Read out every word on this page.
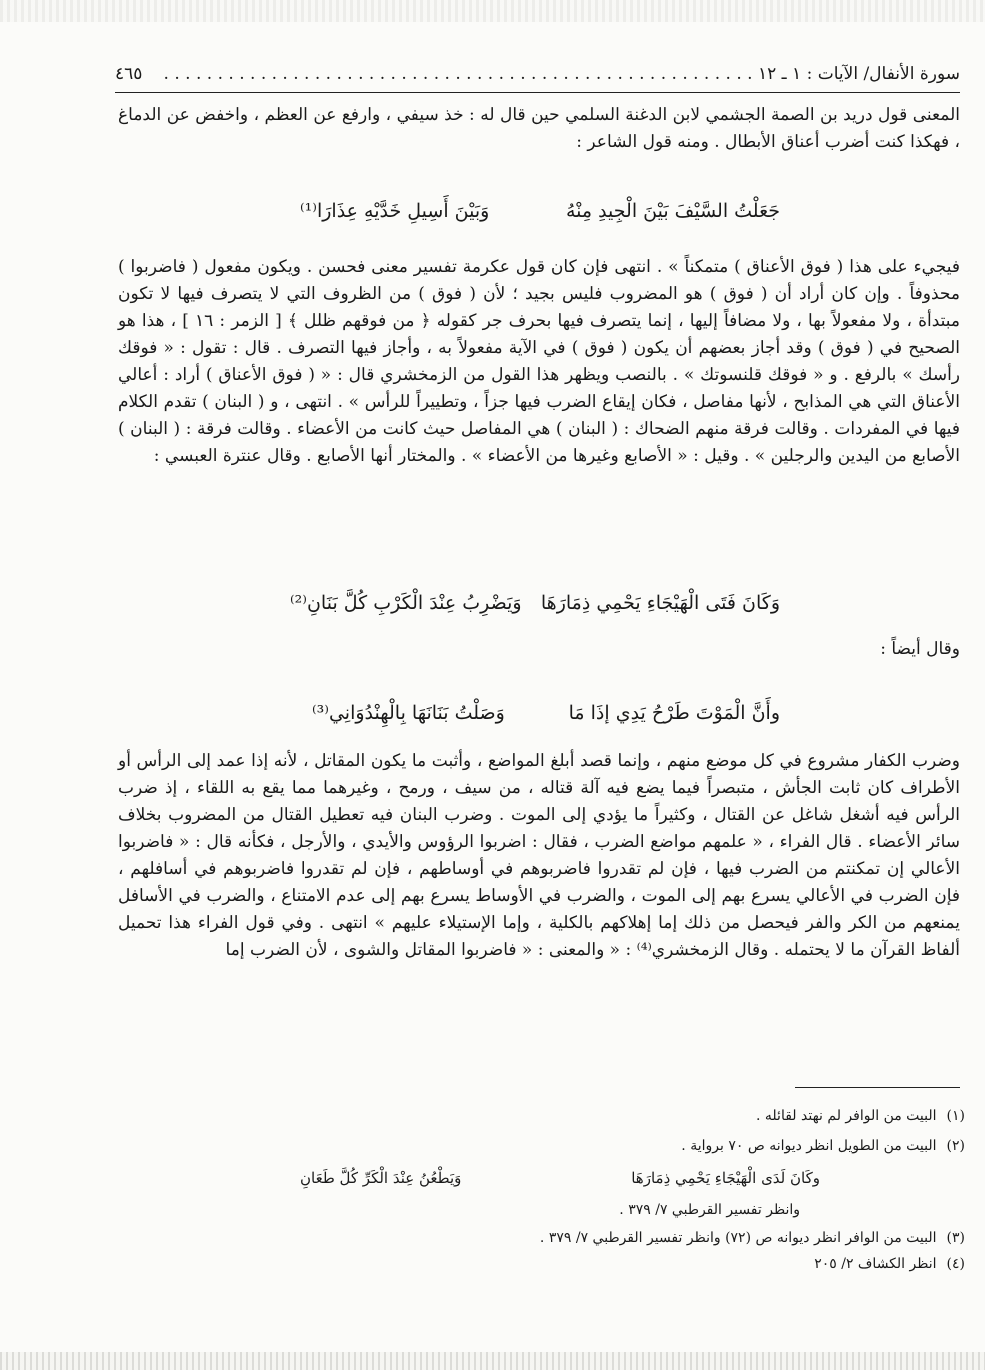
سورة الأنفال/ الآيات : ١ ـ ١٢ . . . . . . . . . . . . . . . . . . . . . . . . . . . . . . . . . . . . . . . . . . . . . . . . . . . . . . .
٤٦٥
المعنى قول دريد بن الصمة الجشمي لابن الدغنة السلمي حين قال له : خذ سيفي ، وارفع عن العظم ، واخفض عن الدماغ ، فهكذا كنت أضرب أعناق الأبطال . ومنه قول الشاعر :
جَعَلْتُ السَّيْفَ بَيْنَ الْجِيدِ مِنْهُ
وَبَيْنَ أَسِيلِ خَدَّيْهِ عِذَارَا⁽¹⁾
فيجيء على هذا ( فوق الأعناق ) متمكناً » . انتهى فإن كان قول عكرمة تفسير معنى فحسن . ويكون مفعول ( فاضربوا ) محذوفاً . وإن كان أراد أن ( فوق ) هو المضروب فليس بجيد ؛ لأن ( فوق ) من الظروف التي لا يتصرف فيها لا تكون مبتدأة ، ولا مفعولاً بها ، ولا مضافاً إليها ، إنما يتصرف فيها بحرف جر كقوله ﴿ من فوقهم ظلل ﴾ [ الزمر : ١٦ ] ، هذا هو الصحيح في ( فوق ) وقد أجاز بعضهم أن يكون ( فوق ) في الآية مفعولاً به ، وأجاز فيها التصرف . قال : تقول : « فوقك رأسك » بالرفع . و « فوقك قلنسوتك » . بالنصب ويظهر هذا القول من الزمخشري قال : « ( فوق الأعناق ) أراد : أعالي الأعناق التي هي المذابح ، لأنها مفاصل ، فكان إيقاع الضرب فيها جزاً ، وتطييراً للرأس » . انتهى ، و ( البنان ) تقدم الكلام فيها في المفردات . وقالت فرقة منهم الضحاك : ( البنان ) هي المفاصل حيث كانت من الأعضاء . وقالت فرقة : ( البنان ) الأصابع من اليدين والرجلين » . وقيل : « الأصابع وغيرها من الأعضاء » . والمختار أنها الأصابع . وقال عنترة العبسي :
وَكَانَ فَتَى الْهَيْجَاءِ يَحْمِي ذِمَارَهَا
وَيَضْرِبُ عِنْدَ الْكَرْبِ كُلَّ بَنَانِ⁽²⁾
وقال أيضاً :
وأَنَّ الْمَوْتَ طَرْحُ يَدِي إذَا مَا
وَصَلْتُ بَنَانَهَا بِالْهِنْدُوَانِي⁽³⁾
وضرب الكفار مشروع في كل موضع منهم ، وإنما قصد أبلغ المواضع ، وأثبت ما يكون المقاتل ، لأنه إذا عمد إلى الرأس أو الأطراف كان ثابت الجأش ، متبصراً فيما يضع فيه آلة قتاله ، من سيف ، ورمح ، وغيرهما مما يقع به اللقاء ، إذ ضرب الرأس فيه أشغل شاغل عن القتال ، وكثيراً ما يؤدي إلى الموت . وضرب البنان فيه تعطيل القتال من المضروب بخلاف سائر الأعضاء . قال الفراء ، « علمهم مواضع الضرب ، فقال : اضربوا الرؤوس والأيدي ، والأرجل ، فكأنه قال : « فاضربوا الأعالي إن تمكنتم من الضرب فيها ، فإن لم تقدروا فاضربوهم في أوساطهم ، فإن لم تقدروا فاضربوهم في أسافلهم ، فإن الضرب في الأعالي يسرع بهم إلى الموت ، والضرب في الأوساط يسرع بهم إلى عدم الامتناع ، والضرب في الأسافل يمنعهم من الكر والفر فيحصل من ذلك إما إهلاكهم بالكلية ، وإما الإستيلاء عليهم » انتهى . وفي قول الفراء هذا تحميل ألفاظ القرآن ما لا يحتمله . وقال الزمخشري⁽⁴⁾ : « والمعنى : « فاضربوا المقاتل والشوى ، لأن الضرب إما
(١)البيت من الوافر لم نهتد لقائله .
(٢)البيت من الطويل انظر ديوانه ص ٧٠ برواية .
وكَانَ لَدَى الْهَيْجَاءِ يَحْمِي ذِمَارَهَا
وَيَطْعُنُ عِنْدَ الْكَرِّ كُلَّ طَعَانِ
وانظر تفسير القرطبي ٧/ ٣٧٩ .
(٣)البيت من الوافر انظر ديوانه ص (٧٢) وانظر تفسير القرطبي ٧/ ٣٧٩ .
(٤)انظر الكشاف ٢/ ٢٠٥
